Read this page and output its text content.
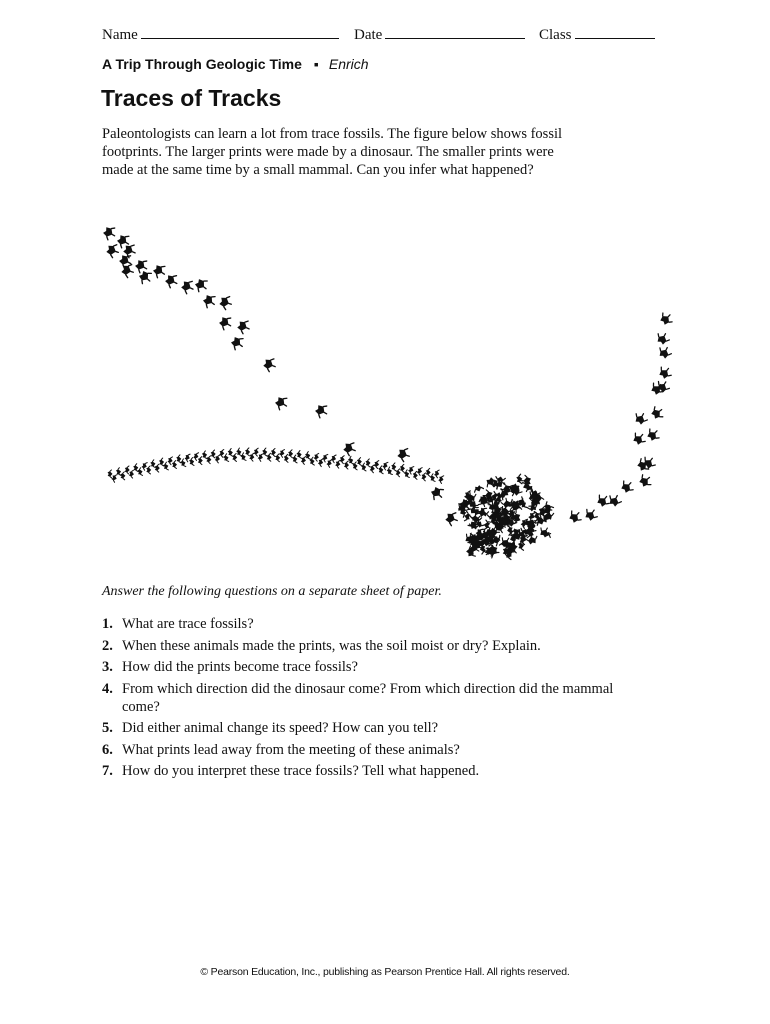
Name	Date	Class
A Trip Through Geologic Time ▪ Enrich
Traces of Tracks

Paleontologists can learn a lot from trace fossils. The figure below shows fossil footprints. The larger prints were made by a dinosaur. The smaller prints were made at the same time by a small mammal. Can you infer what happened?

Answer the following questions on a separate sheet of paper.

1. What are trace fossils?
2. When these animals made the prints, was the soil moist or dry? Explain.
3. How did the prints become trace fossils?
4. From which direction did the dinosaur come? From which direction did the mammal come?
5. Did either animal change its speed? How can you tell?
6. What prints lead away from the meeting of these animals?
7. How do you interpret these trace fossils? Tell what happened.
© Pearson Education, Inc., publishing as Pearson Prentice Hall. All rights reserved.
